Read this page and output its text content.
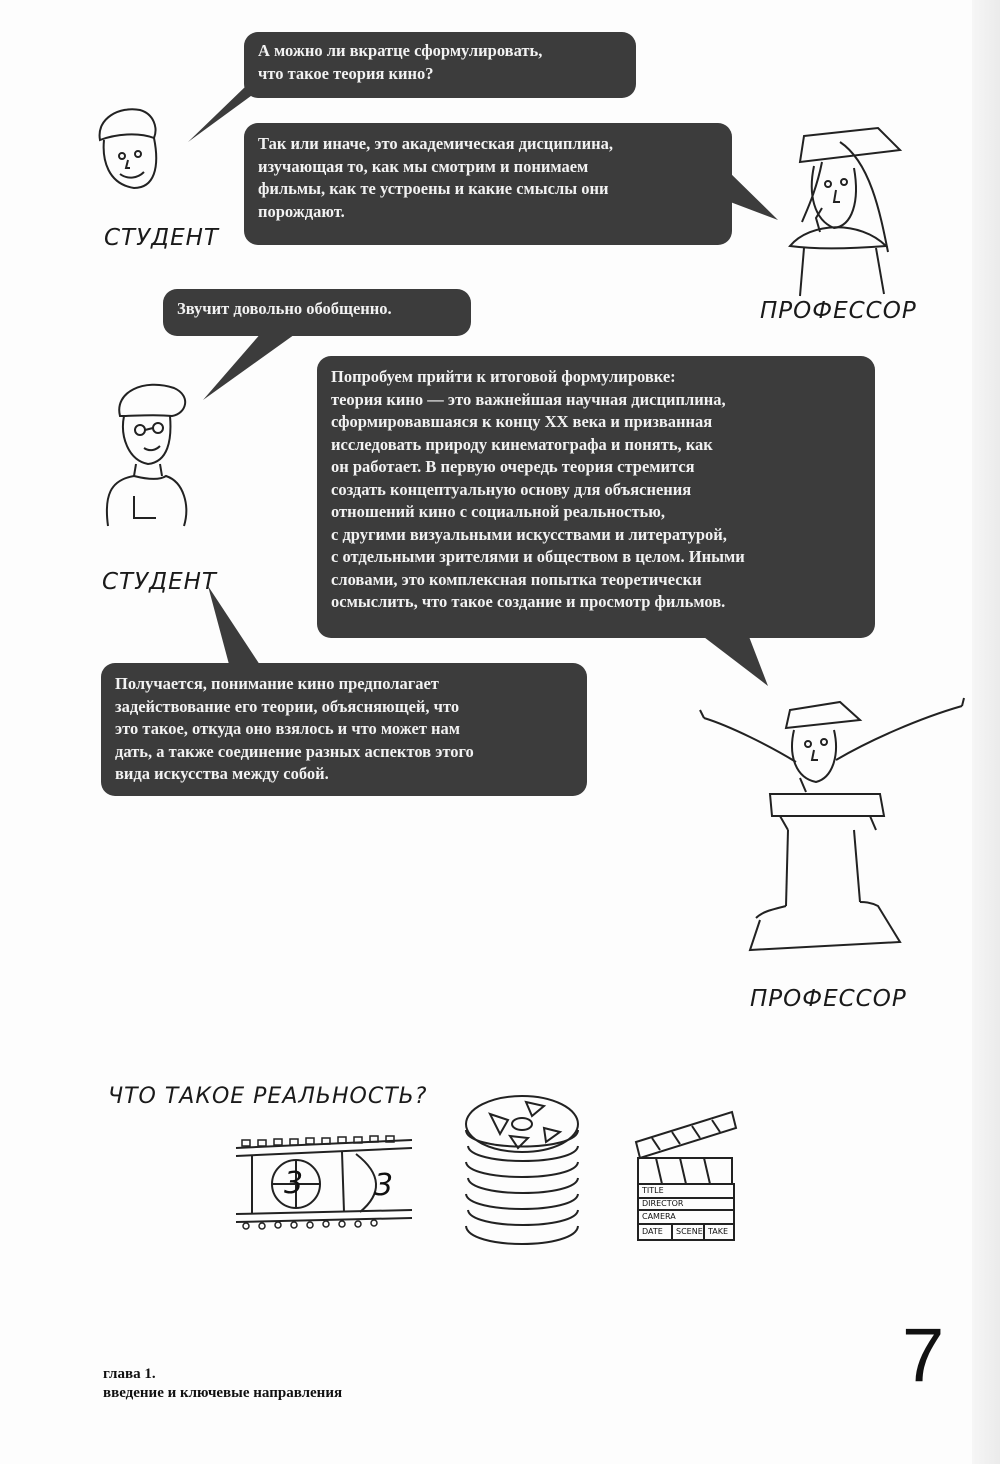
А можно ли вкратце сформулировать,
что такое теория кино?
Так или иначе, это академическая дисциплина,
изучающая то, как мы смотрим и понимаем
фильмы, как те устроены и какие смыслы они
порождают.
Звучит довольно обобщенно.
Попробуем прийти к итоговой формулировке:
теория кино — это важнейшая научная дисциплина,
сформировавшаяся к концу XX века и призванная
исследовать природу кинематографа и понять, как
он работает. В первую очередь теория стремится
создать концептуальную основу для объяснения
отношений кино с социальной реальностью,
с другими визуальными искусствами и литературой,
с отдельными зрителями и обществом в целом. Иными
словами, это комплексная попытка теоретически
осмыслить, что такое создание и просмотр фильмов.
Получается, понимание кино предполагает
задействование его теории, объясняющей, что
это такое, откуда оно взялось и что может нам
дать, а также соединение разных аспектов этого
вида искусства между собой.
СТУДЕНТ
ПРОФЕССОР
СТУДЕНТ
ПРОФЕССОР
ЧТО ТАКОЕ РЕАЛЬНОСТЬ?
3 3	TITLE
DIRECTOR
CAMERA
DATE SCENE TAKE
глава 1.
введение и ключевые направления	7
